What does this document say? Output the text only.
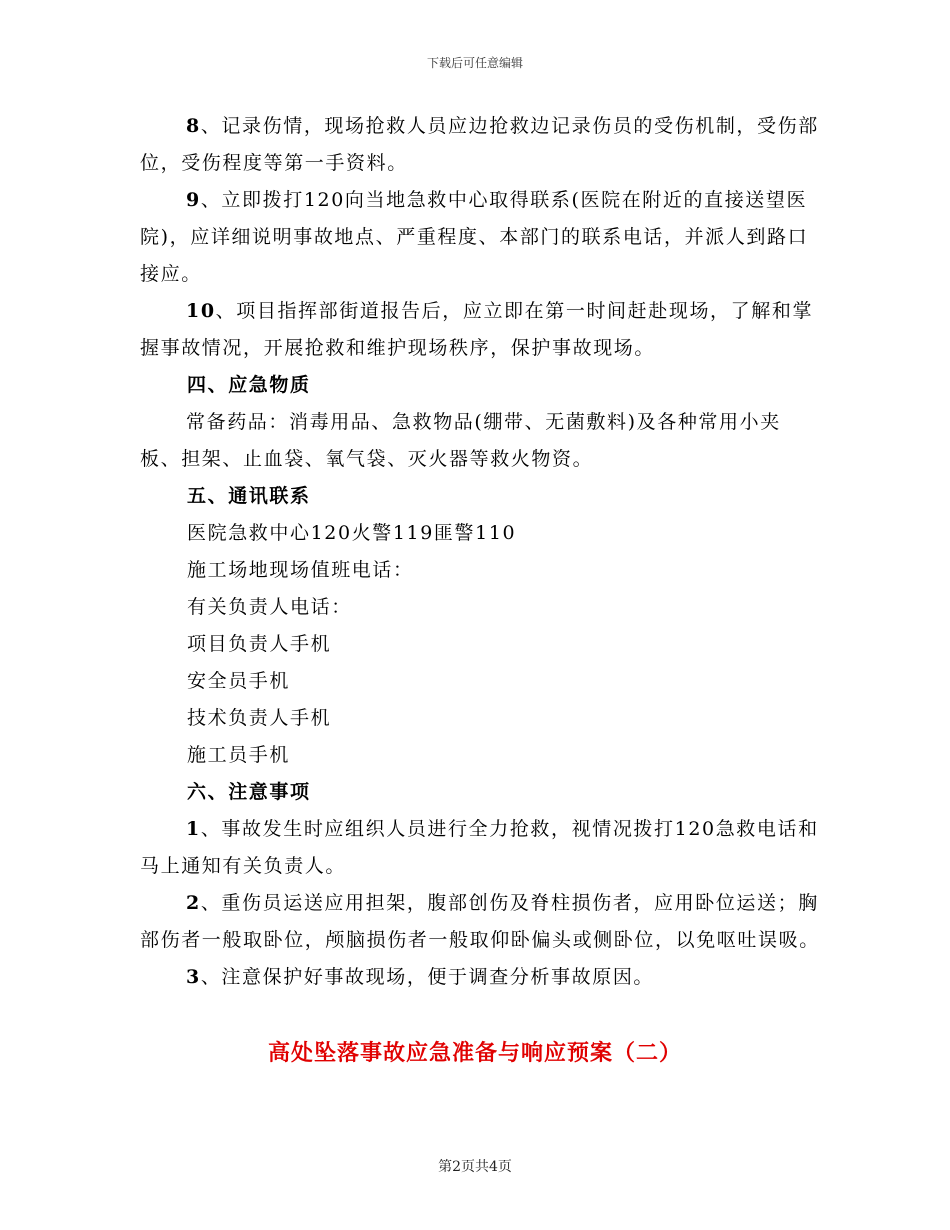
下载后可任意编辑

8、记录伤情，现场抢救人员应边抢救边记录伤员的受伤机制，受伤部位，受伤程度等第一手资料。

9、立即拨打120向当地急救中心取得联系(医院在附近的直接送望医院)，应详细说明事故地点、严重程度、本部门的联系电话，并派人到路口接应。

10、项目指挥部街道报告后，应立即在第一时间赶赴现场，了解和掌握事故情况，开展抢救和维护现场秩序，保护事故现场。

四、应急物质

常备药品：消毒用品、急救物品(绷带、无菌敷料)及各种常用小夹板、担架、止血袋、氧气袋、灭火器等救火物资。

五、通讯联系

医院急救中心120火警119匪警110

施工场地现场值班电话：

有关负责人电话：

项目负责人手机

安全员手机

技术负责人手机

施工员手机

六、注意事项

1、事故发生时应组织人员进行全力抢救，视情况拨打120急救电话和马上通知有关负责人。

2、重伤员运送应用担架，腹部创伤及脊柱损伤者，应用卧位运送；胸部伤者一般取卧位，颅脑损伤者一般取仰卧偏头或侧卧位，以免呕吐误吸。

3、注意保护好事故现场，便于调查分析事故原因。

高处坠落事故应急准备与响应预案（二）
第2页共4页
